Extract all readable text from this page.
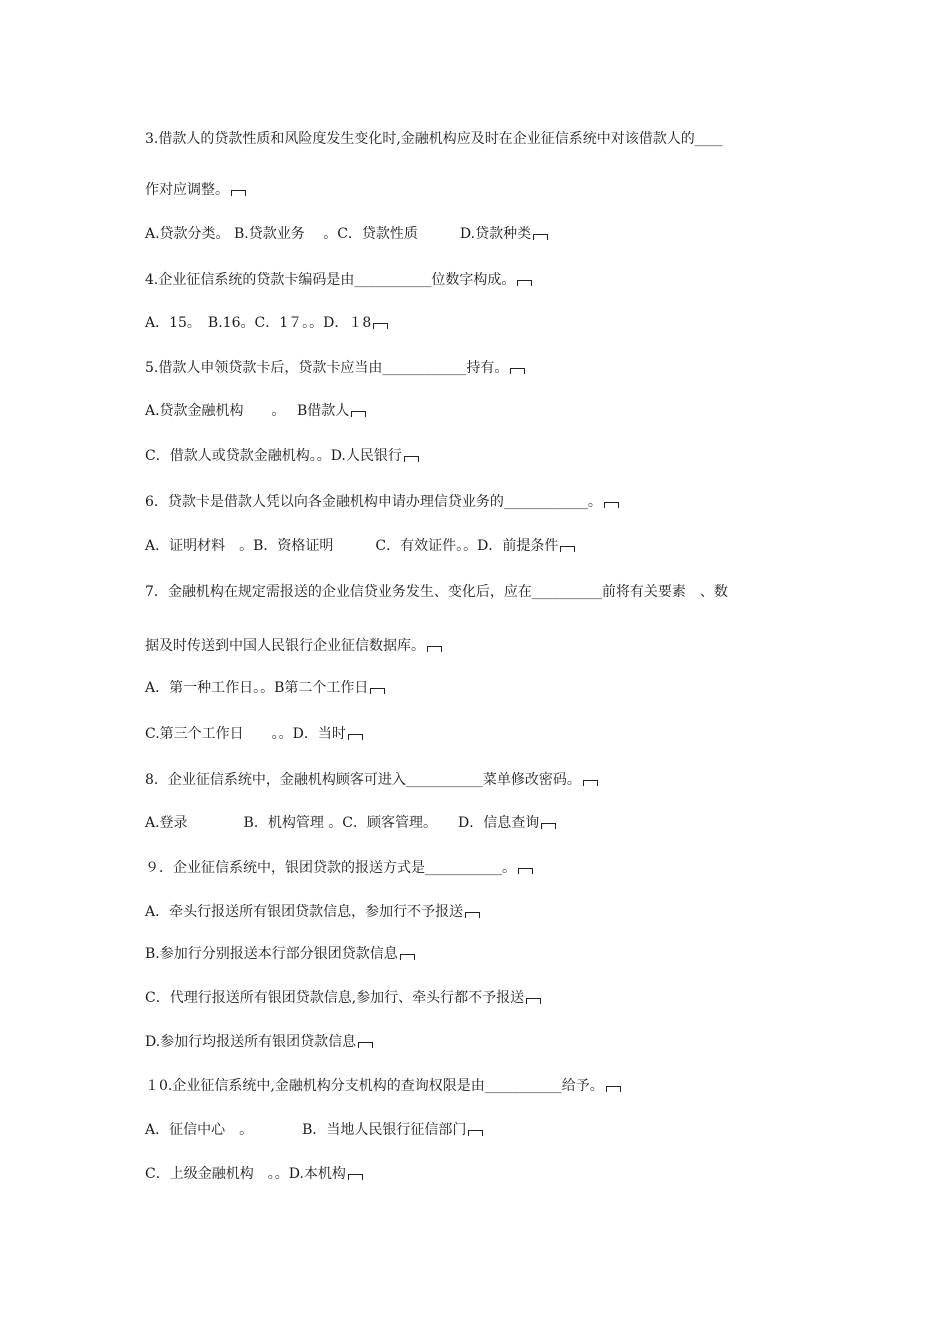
3.借款人的贷款性质和风险度发生变化时,金融机构应及时在企业征信系统中对该借款人的____
作对应调整。
A.贷款分类。 B.贷款业务　 。C．贷款性质　　　D.贷款种类
4.企业征信系统的贷款卡编码是由___________位数字构成。
A．15。　B.16。C．1７。。D．１8
5.借款人申领贷款卡后，贷款卡应当由____________持有。
A.贷款金融机构　　。　 B借款人
C．借款人或贷款金融机构。。D.人民银行
6．贷款卡是借款人凭以向各金融机构申请办理信贷业务的____________。
A．证明材料　。B．资格证明　　　C．有效证件。。D．前提条件
7．金融机构在规定需报送的企业信贷业务发生、变化后，应在__________前将有关要素　、数
据及时传送到中国人民银行企业征信数据库。
A．第一种工作日。。B第二个工作日
C.第三个工作日　　。。D．当时
8．企业征信系统中，金融机构顾客可进入___________菜单修改密码。
A.登录　　　　B．机构管理 。C．顾客管理。　　D．信息查询
９．企业征信系统中，银团贷款的报送方式是___________。
A．牵头行报送所有银团贷款信息，参加行不予报送
B.参加行分别报送本行部分银团贷款信息
C．代理行报送所有银团贷款信息,参加行、牵头行都不予报送
D.参加行均报送所有银团贷款信息
１0.企业征信系统中,金融机构分支机构的查询权限是由___________给予。
A．征信中心　。　　　　B．当地人民银行征信部门
C．上级金融机构　。。D.本机构
